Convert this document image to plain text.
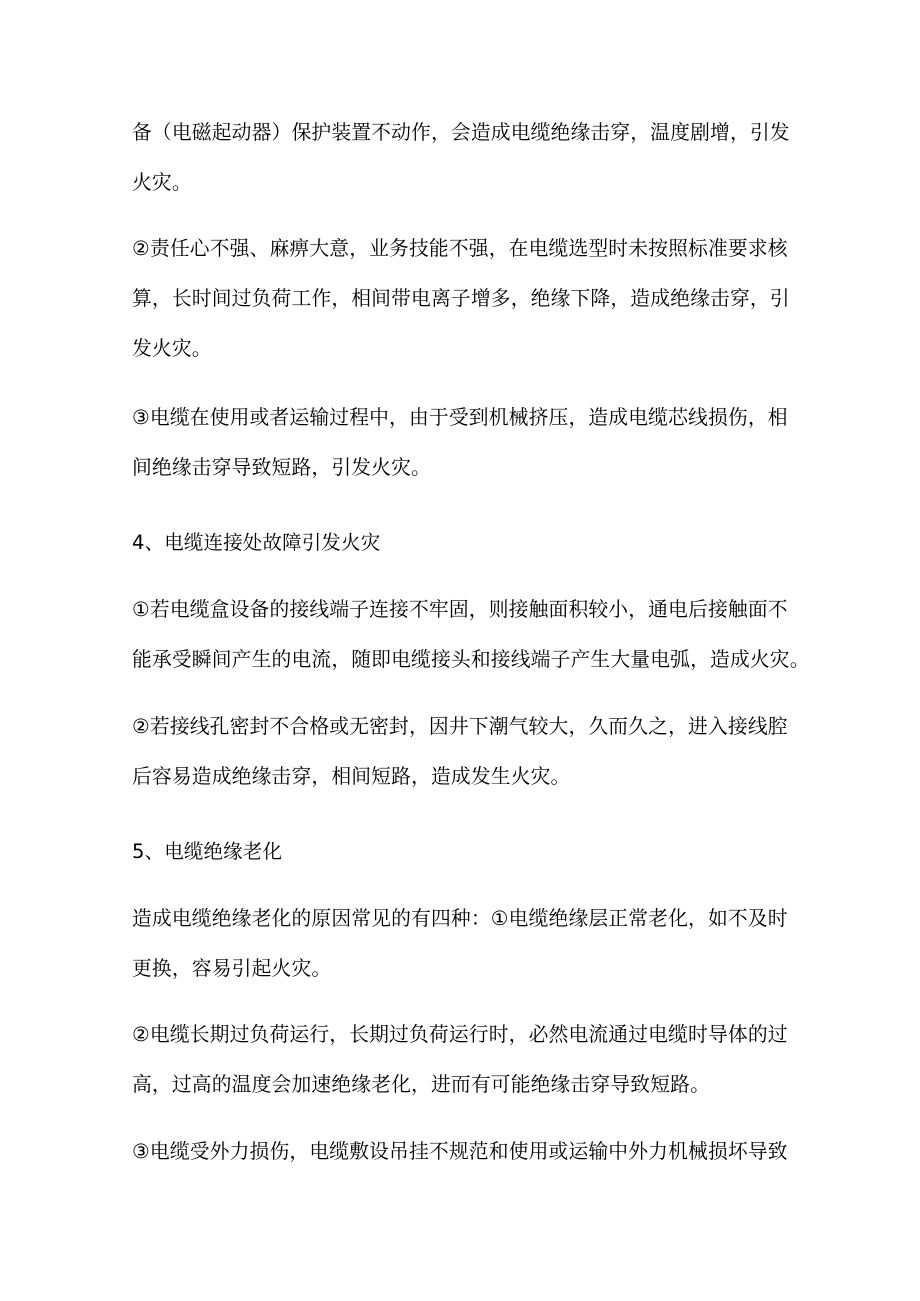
备（电磁起动器）保护装置不动作，会造成电缆绝缘击穿，温度剧增，引发
火灾。
②责任心不强、麻痹大意，业务技能不强，在电缆选型时未按照标准要求核
算，长时间过负荷工作，相间带电离子增多，绝缘下降，造成绝缘击穿，引
发火灾。
③电缆在使用或者运输过程中，由于受到机械挤压，造成电缆芯线损伤，相
间绝缘击穿导致短路，引发火灾。
4、电缆连接处故障引发火灾
①若电缆盒设备的接线端子连接不牢固，则接触面积较小，通电后接触面不
能承受瞬间产生的电流，随即电缆接头和接线端子产生大量电弧，造成火灾。
②若接线孔密封不合格或无密封，因井下潮气较大，久而久之，进入接线腔
后容易造成绝缘击穿，相间短路，造成发生火灾。
5、电缆绝缘老化
造成电缆绝缘老化的原因常见的有四种：①电缆绝缘层正常老化，如不及时
更换，容易引起火灾。
②电缆长期过负荷运行，长期过负荷运行时，必然电流通过电缆时导体的过
高，过高的温度会加速绝缘老化，进而有可能绝缘击穿导致短路。
③电缆受外力损伤，电缆敷设吊挂不规范和使用或运输中外力机械损坏导致
